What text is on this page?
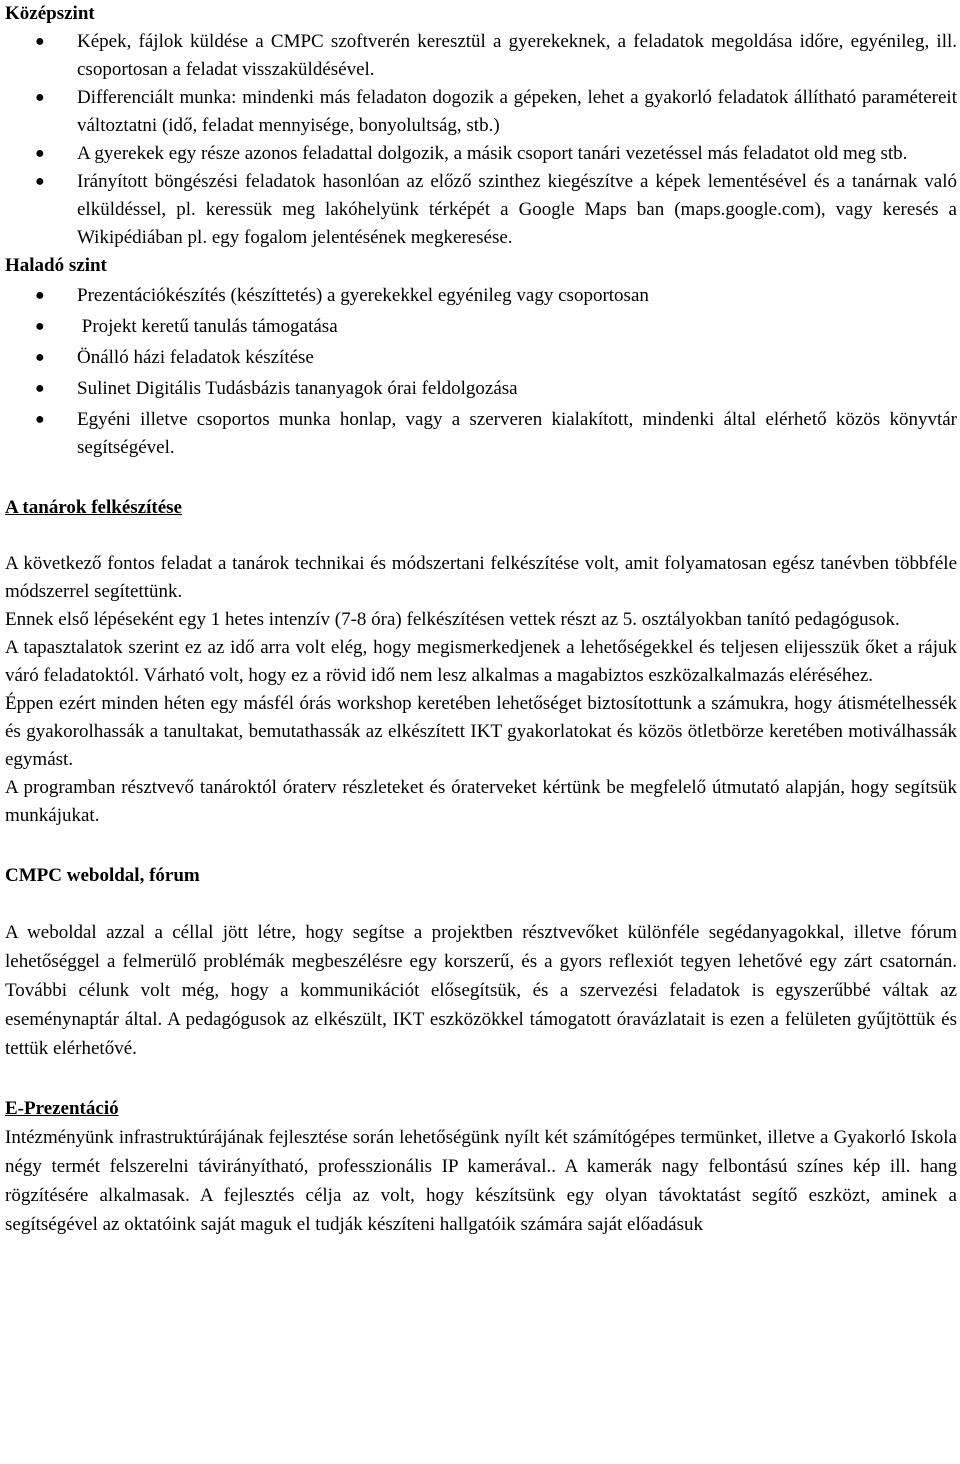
Középszint
● Képek, fájlok küldése a CMPC szoftverén keresztül a gyerekeknek, a feladatok megoldása időre, egyénileg, ill. csoportosan a feladat visszaküldésével.
● Differenciált munka: mindenki más feladaton dogozik a gépeken, lehet a gyakorló feladatok állítható paramétereit változtatni (idő, feladat mennyisége, bonyolultság, stb.)
● A gyerekek egy része azonos feladattal dolgozik, a másik csoport tanári vezetéssel más feladatot old meg stb.
● Irányított böngészési feladatok hasonlóan az előző szinthez kiegészítve a képek lementésével és a tanárnak való elküldéssel, pl. keressük meg lakóhelyünk térképét a Google Maps ban (maps.google.com), vagy keresés a Wikipédiában pl. egy fogalom jelentésének megkeresése.
Haladó szint
● Prezentációkészítés (készíttetés) a gyerekekkel egyénileg vagy csoportosan
● Projekt keretű tanulás támogatása
● Önálló házi feladatok készítése
● Sulinet Digitális Tudásbázis tananyagok órai feldolgozása
● Egyéni illetve csoportos munka honlap, vagy a szerveren kialakított, mindenki által elérhető közös könyvtár segítségével.
A tanárok felkészítése

A következő fontos feladat a tanárok technikai és módszertani felkészítése volt, amit folyamatosan egész tanévben többféle módszerrel segítettünk.

Ennek első lépéseként egy 1 hetes intenzív (7-8 óra) felkészítésen vettek részt az 5. osztályokban tanító pedagógusok.

A tapasztalatok szerint ez az idő arra volt elég, hogy megismerkedjenek a lehetőségekkel és teljesen elijesszük őket a rájuk váró feladatoktól. Várható volt, hogy ez a rövid idő nem lesz alkalmas a magabiztos eszközalkalmazás eléréséhez.

Éppen ezért minden héten egy másfél órás workshop keretében lehetőséget biztosítottunk a számukra, hogy átismételhessék és gyakorolhassák a tanultakat, bemutathassák az elkészített IKT gyakorlatokat és közös ötletbörze keretében motiválhassák egymást.

A programban résztvevő tanároktól óraterv részleteket és óraterveket kértünk be megfelelő útmutató alapján, hogy segítsük munkájukat.

CMPC weboldal, fórum

A weboldal azzal a céllal jött létre, hogy segítse a projektben résztvevőket különféle segédanyagokkal, illetve fórum lehetőséggel a felmerülő problémák megbeszélésre egy korszerű, és a gyors reflexiót tegyen lehetővé egy zárt csatornán. További célunk volt még, hogy a kommunikációt elősegítsük, és a szervezési feladatok is egyszerűbbé váltak az eseménynaptár által. A pedagógusok az elkészült, IKT eszközökkel támogatott óravázlatait is ezen a felületen gyűjtöttük és tettük elérhetővé.

E-Prezentáció

Intézményünk infrastruktúrájának fejlesztése során lehetőségünk nyílt két számítógépes termünket, illetve a Gyakorló Iskola négy termét felszerelni távirányítható, professzionális IP kamerával.. A kamerák nagy felbontású színes kép ill. hang rögzítésére alkalmasak. A fejlesztés célja az volt, hogy készítsünk egy olyan távoktatást segítő eszközt, aminek a segítségével az oktatóink saját maguk el tudják készíteni hallgatóik számára saját előadásuk
